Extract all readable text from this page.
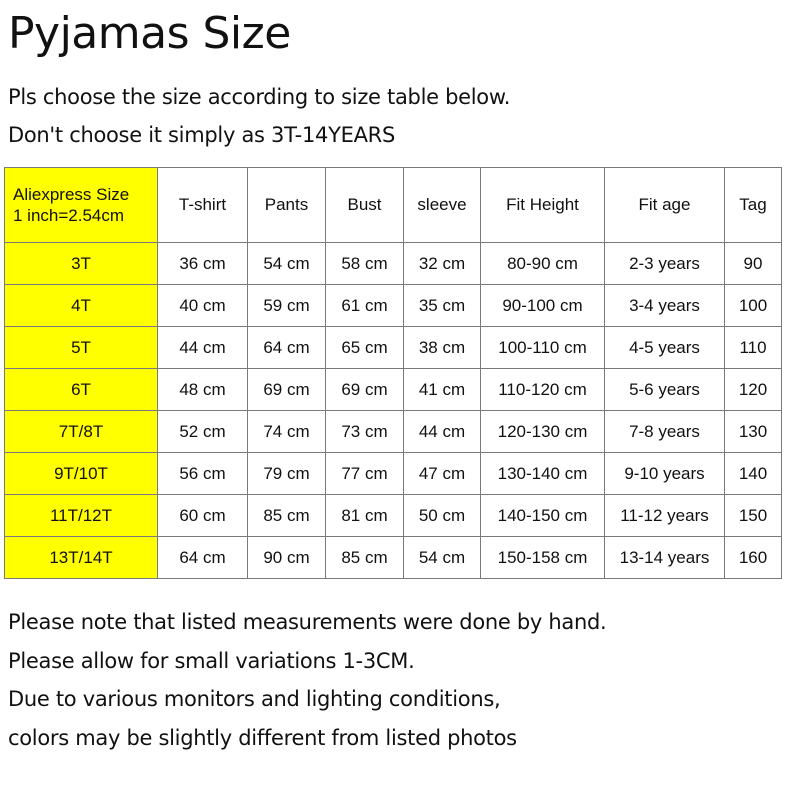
Pyjamas Size
Pls choose the size according to size table below.
Don't choose it simply as 3T-14YEARS
Aliexpress Size
1 inch=2.54cm	T-shirt	Pants	Bust	sleeve	Fit Height	Fit age	Tag
3T	36 cm	54 cm	58 cm	32 cm	80-90 cm	2-3 years	90
4T	40 cm	59 cm	61 cm	35 cm	90-100 cm	3-4 years	100
5T	44 cm	64 cm	65 cm	38 cm	100-110 cm	4-5 years	110
6T	48 cm	69 cm	69 cm	41 cm	110-120 cm	5-6 years	120
7T/8T	52 cm	74 cm	73 cm	44 cm	120-130 cm	7-8 years	130
9T/10T	56 cm	79 cm	77 cm	47 cm	130-140 cm	9-10 years	140
11T/12T	60 cm	85 cm	81 cm	50 cm	140-150 cm	11-12 years	150
13T/14T	64 cm	90 cm	85 cm	54 cm	150-158 cm	13-14 years	160
Please note that listed measurements were done by hand.
Please allow for small variations 1-3CM.
Due to various monitors and lighting conditions,
colors may be slightly different from listed photos
